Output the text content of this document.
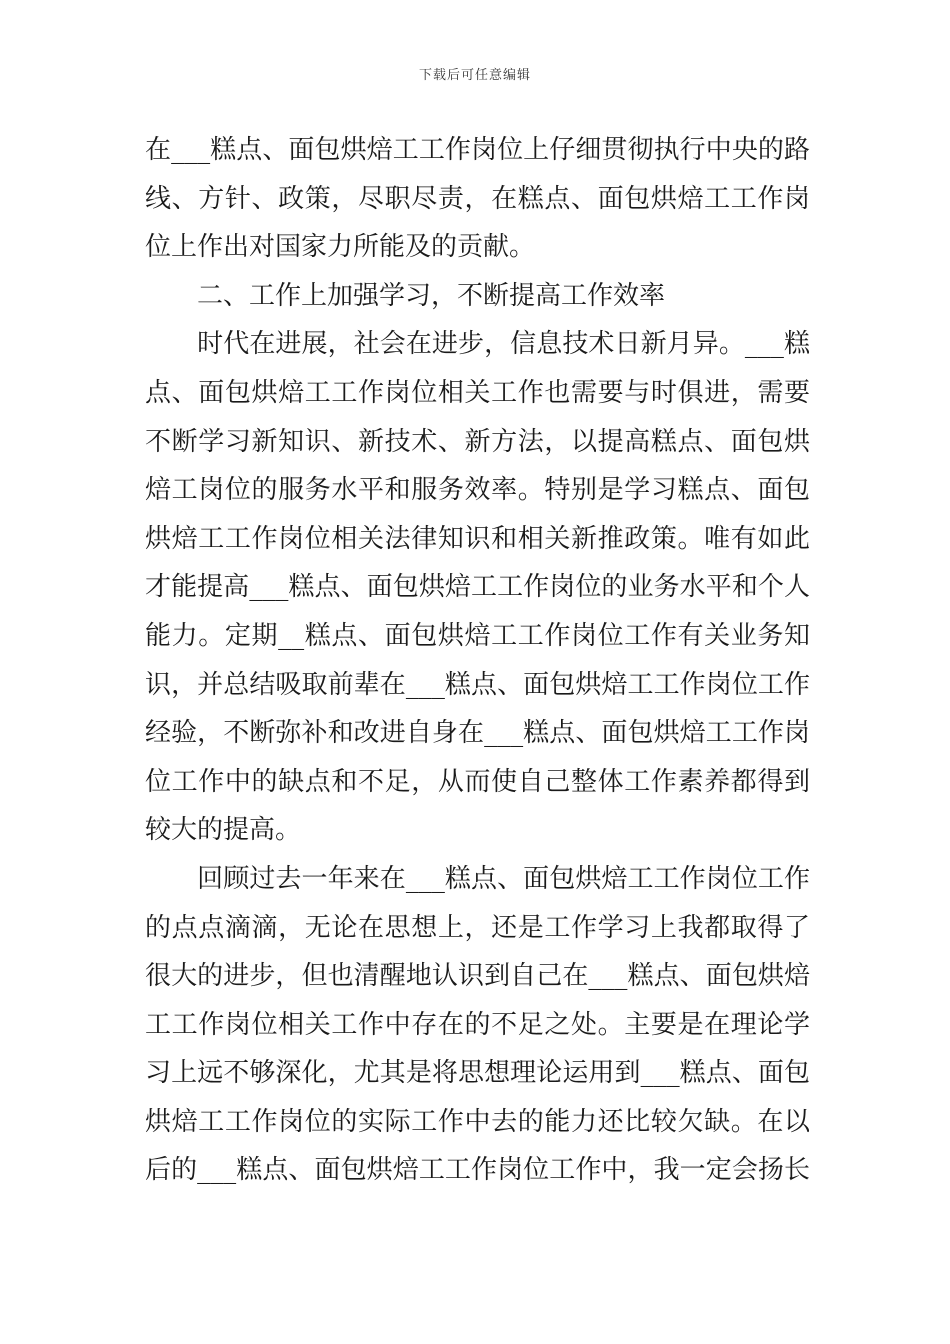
下载后可任意编辑
在___糕点、面包烘焙工工作岗位上仔细贯彻执行中央的路
线、方针、政策，尽职尽责，在糕点、面包烘焙工工作岗
位上作出对国家力所能及的贡献。
　　二、工作上加强学习，不断提高工作效率
　　时代在进展，社会在进步，信息技术日新月异。___糕
点、面包烘焙工工作岗位相关工作也需要与时俱进，需要
不断学习新知识、新技术、新方法，以提高糕点、面包烘
焙工岗位的服务水平和服务效率。特别是学习糕点、面包
烘焙工工作岗位相关法律知识和相关新推政策。唯有如此
才能提高___糕点、面包烘焙工工作岗位的业务水平和个人
能力。定期__糕点、面包烘焙工工作岗位工作有关业务知
识，并总结吸取前辈在___糕点、面包烘焙工工作岗位工作
经验，不断弥补和改进自身在___糕点、面包烘焙工工作岗
位工作中的缺点和不足，从而使自己整体工作素养都得到
较大的提高。
　　回顾过去一年来在___糕点、面包烘焙工工作岗位工作
的点点滴滴，无论在思想上，还是工作学习上我都取得了
很大的进步，但也清醒地认识到自己在___糕点、面包烘焙
工工作岗位相关工作中存在的不足之处。主要是在理论学
习上远不够深化，尤其是将思想理论运用到___糕点、面包
烘焙工工作岗位的实际工作中去的能力还比较欠缺。在以
后的___糕点、面包烘焙工工作岗位工作中，我一定会扬长
